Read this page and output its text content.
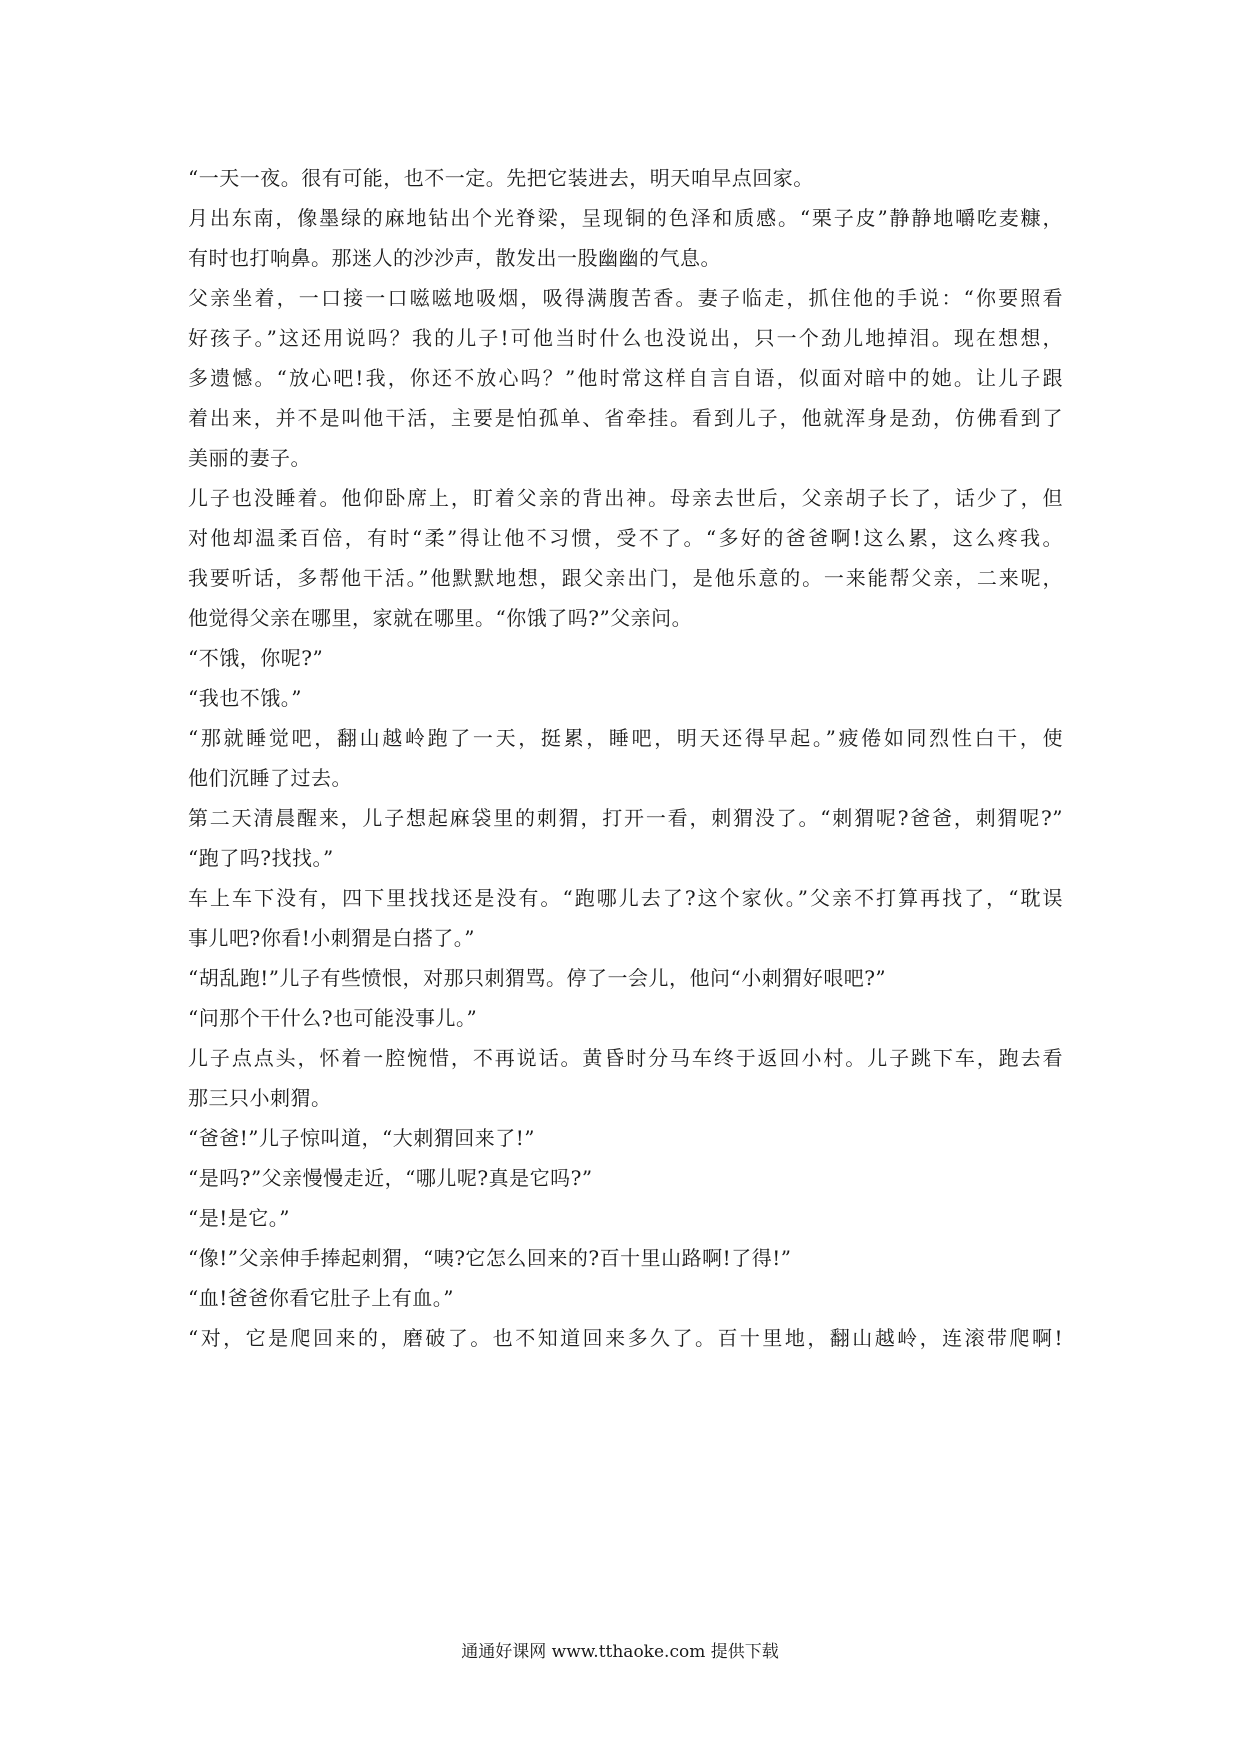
“一天一夜。很有可能，也不一定。先把它装进去，明天咱早点回家。
月出东南，像墨绿的麻地钻出个光脊梁，呈现铜的色泽和质感。“栗子皮”静静地嚼吃麦糠，
有时也打响鼻。那迷人的沙沙声，散发出一股幽幽的气息。
父亲坐着，一口接一口嗞嗞地吸烟，吸得满腹苦香。妻子临走，抓住他的手说：“你要照看
好孩子。”这还用说吗？我的儿子!可他当时什么也没说出，只一个劲儿地掉泪。现在想想，
多遗憾。“放心吧!我，你还不放心吗？”他时常这样自言自语，似面对暗中的她。让儿子跟
着出来，并不是叫他干活，主要是怕孤单、省牵挂。看到儿子，他就浑身是劲，仿佛看到了
美丽的妻子。
儿子也没睡着。他仰卧席上，盯着父亲的背出神。母亲去世后，父亲胡子长了，话少了，但
对他却温柔百倍，有时“柔”得让他不习惯，受不了。“多好的爸爸啊!这么累，这么疼我。
我要听话，多帮他干活。”他默默地想，跟父亲出门，是他乐意的。一来能帮父亲，二来呢，
他觉得父亲在哪里，家就在哪里。“你饿了吗?”父亲问。
“不饿，你呢?”
“我也不饿。”
“那就睡觉吧，翻山越岭跑了一天，挺累，睡吧，明天还得早起。”疲倦如同烈性白干，使
他们沉睡了过去。
第二天清晨醒来，儿子想起麻袋里的刺猬，打开一看，刺猬没了。“刺猬呢?爸爸，刺猬呢?”
“跑了吗?找找。”
车上车下没有，四下里找找还是没有。“跑哪儿去了?这个家伙。”父亲不打算再找了，“耽误
事儿吧?你看!小刺猬是白搭了。”
“胡乱跑!”儿子有些愤恨，对那只刺猬骂。停了一会儿，他问“小刺猬好哏吧?”
“问那个干什么?也可能没事儿。”
儿子点点头，怀着一腔惋惜，不再说话。黄昏时分马车终于返回小村。儿子跳下车，跑去看
那三只小刺猬。
“爸爸!”儿子惊叫道，“大刺猬回来了!”
“是吗?”父亲慢慢走近，“哪儿呢?真是它吗?”
“是!是它。”
“像!”父亲伸手捧起刺猬，“咦?它怎么回来的?百十里山路啊!了得!”
“血!爸爸你看它肚子上有血。”
“对，它是爬回来的，磨破了。也不知道回来多久了。百十里地，翻山越岭，连滚带爬啊!
通通好课网 www.tthaoke.com 提供下载
